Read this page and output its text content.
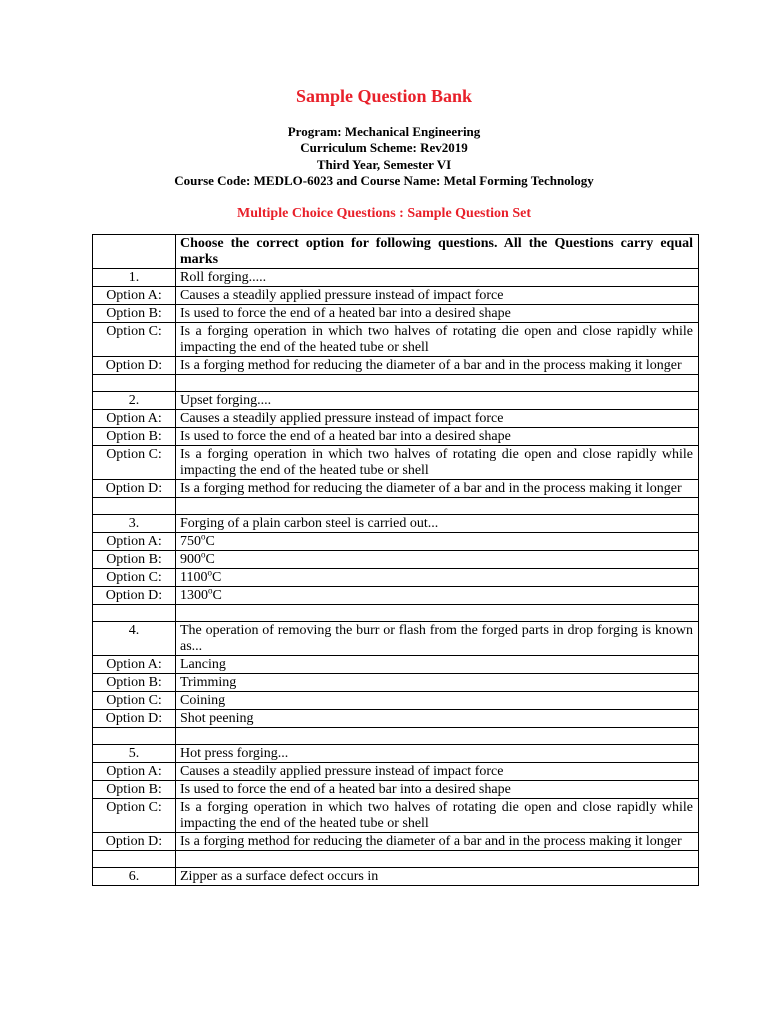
Sample Question Bank
Program: Mechanical Engineering
Curriculum Scheme: Rev2019
Third Year, Semester VI
Course Code: MEDLO-6023 and Course Name: Metal Forming Technology
Multiple Choice Questions : Sample Question Set
	Choose the correct option for following questions. All the Questions carry equal marks
1.	Roll forging.....
Option A:	Causes a steadily applied pressure instead of impact force
Option B:	Is used to force the end of a heated bar into a desired shape
Option C:	Is a forging operation in which two halves of rotating die open and close rapidly while impacting the end of the heated tube or shell
Option D:	Is a forging method for reducing the diameter of a bar and in the process making it longer

2.	Upset forging....
Option A:	Causes a steadily applied pressure instead of impact force
Option B:	Is used to force the end of a heated bar into a desired shape
Option C:	Is a forging operation in which two halves of rotating die open and close rapidly while impacting the end of the heated tube or shell
Option D:	Is a forging method for reducing the diameter of a bar and in the process making it longer

3.	Forging of a plain carbon steel is carried out...
Option A:	750$^o$C
Option B:	900$^o$C
Option C:	1100$^o$C
Option D:	1300$^o$C

4.	The operation of removing the burr or flash from the forged parts in drop forging is known as...
Option A:	Lancing
Option B:	Trimming
Option C:	Coining
Option D:	Shot peening

5.	Hot press forging...
Option A:	Causes a steadily applied pressure instead of impact force
Option B:	Is used to force the end of a heated bar into a desired shape
Option C:	Is a forging operation in which two halves of rotating die open and close rapidly while impacting the end of the heated tube or shell
Option D:	Is a forging method for reducing the diameter of a bar and in the process making it longer

6.	Zipper as a surface defect occurs in
